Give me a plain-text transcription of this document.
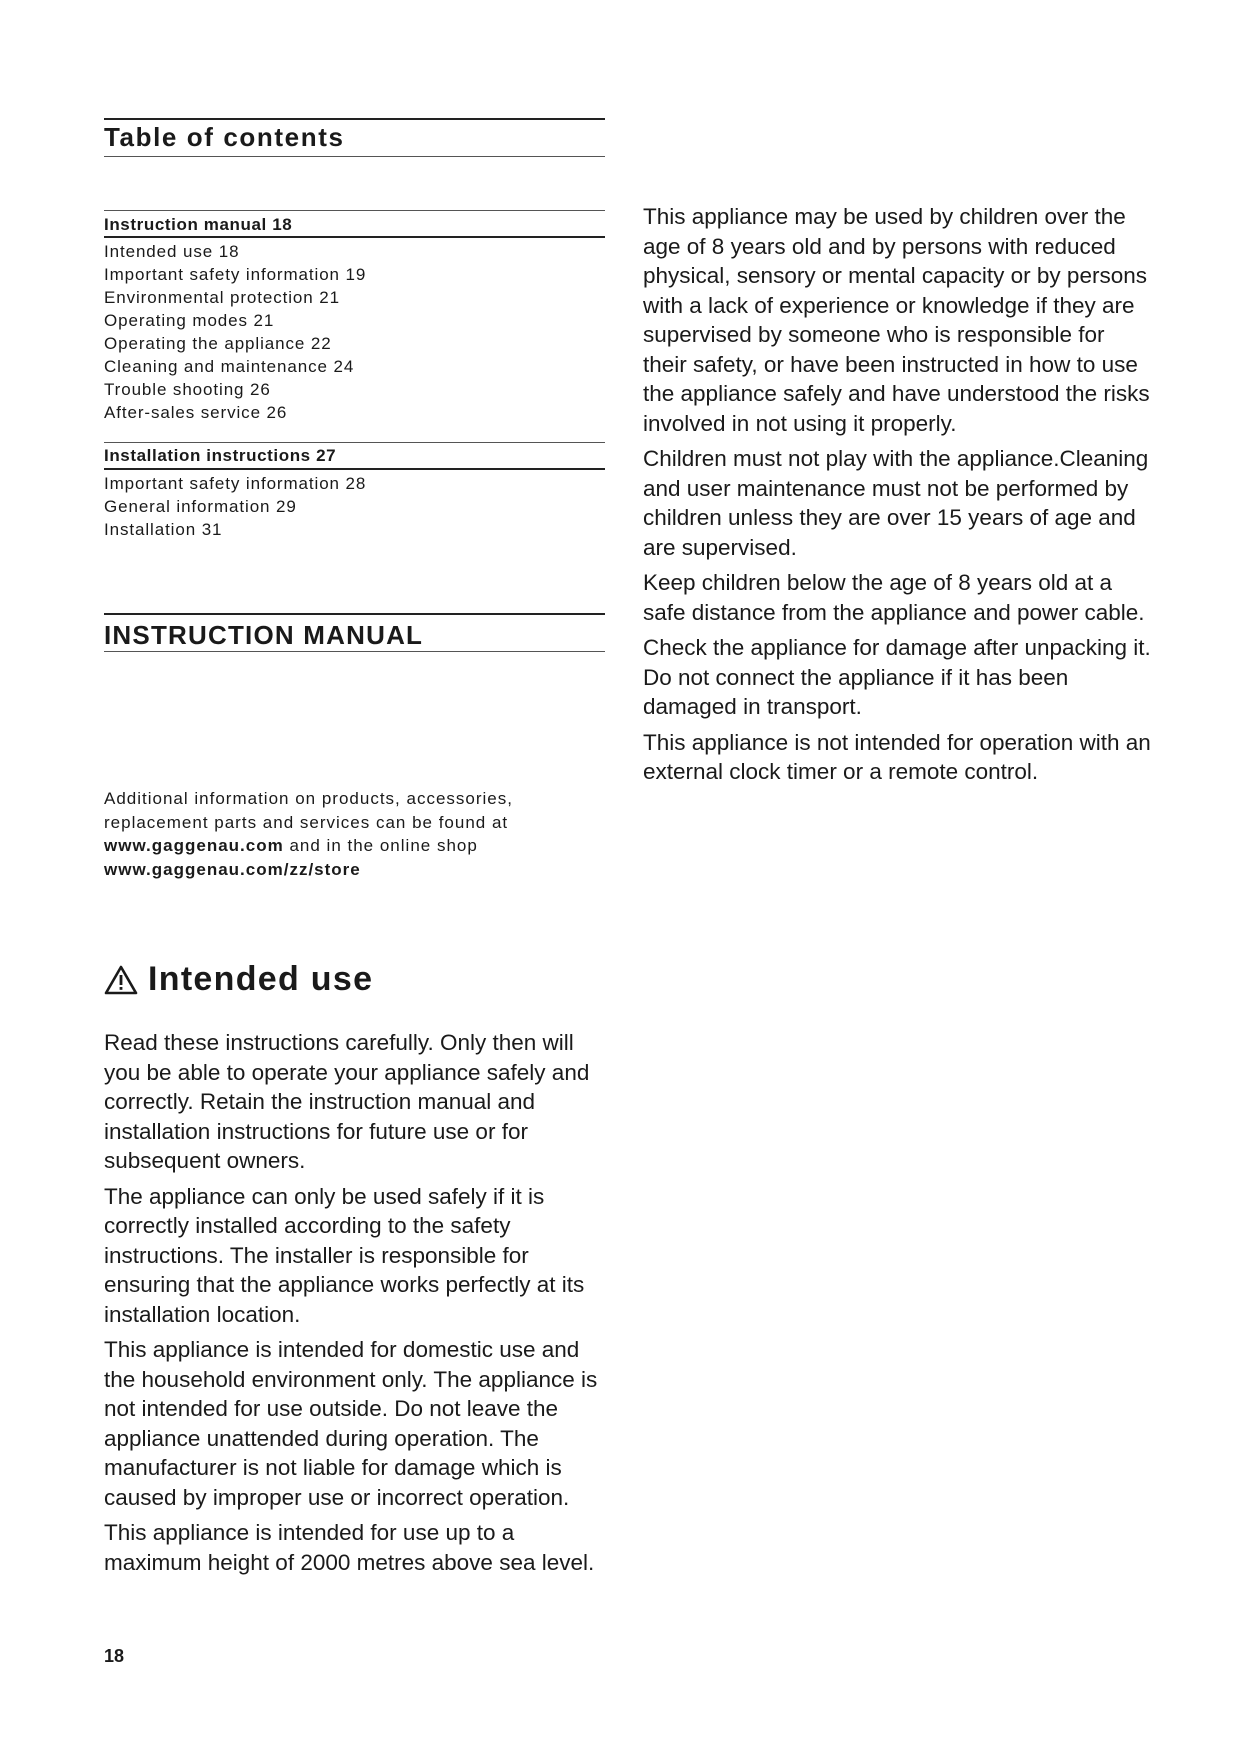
Table of contents
Instruction manual 18
Intended use 18
Important safety information 19
Environmental protection 21
Operating modes 21
Operating the appliance 22
Cleaning and maintenance 24
Trouble shooting 26
After-sales service 26
Installation instructions 27
Important safety information 28
General information 29
Installation 31
INSTRUCTION MANUAL
Additional information on products, accessories, replacement parts and services can be found at www.gaggenau.com and in the online shop www.gaggenau.com/zz/store
Intended use

Read these instructions carefully. Only then will you be able to operate your appliance safely and correctly. Retain the instruction manual and installation instructions for future use or for subsequent owners.

The appliance can only be used safely if it is correctly installed according to the safety instructions. The installer is responsible for ensuring that the appliance works perfectly at its installation location.

This appliance is intended for domestic use and the household environment only. The appliance is not intended for use outside. Do not leave the appliance unattended during operation. The manufacturer is not liable for damage which is caused by improper use or incorrect operation.

This appliance is intended for use up to a maximum height of 2000 metres above sea level.

This appliance may be used by children over the age of 8 years old and by persons with reduced physical, sensory or mental capacity or by persons with a lack of experience or knowledge if they are supervised by someone who is responsible for their safety, or have been instructed in how to use the appliance safely and have understood the risks involved in not using it properly.

Children must not play with the appliance.Cleaning and user maintenance must not be performed by children unless they are over 15 years of age and are supervised.

Keep children below the age of 8 years old at a safe distance from the appliance and power cable.

Check the appliance for damage after unpacking it. Do not connect the appliance if it has been damaged in transport.

This appliance is not intended for operation with an external clock timer or a remote control.

18
